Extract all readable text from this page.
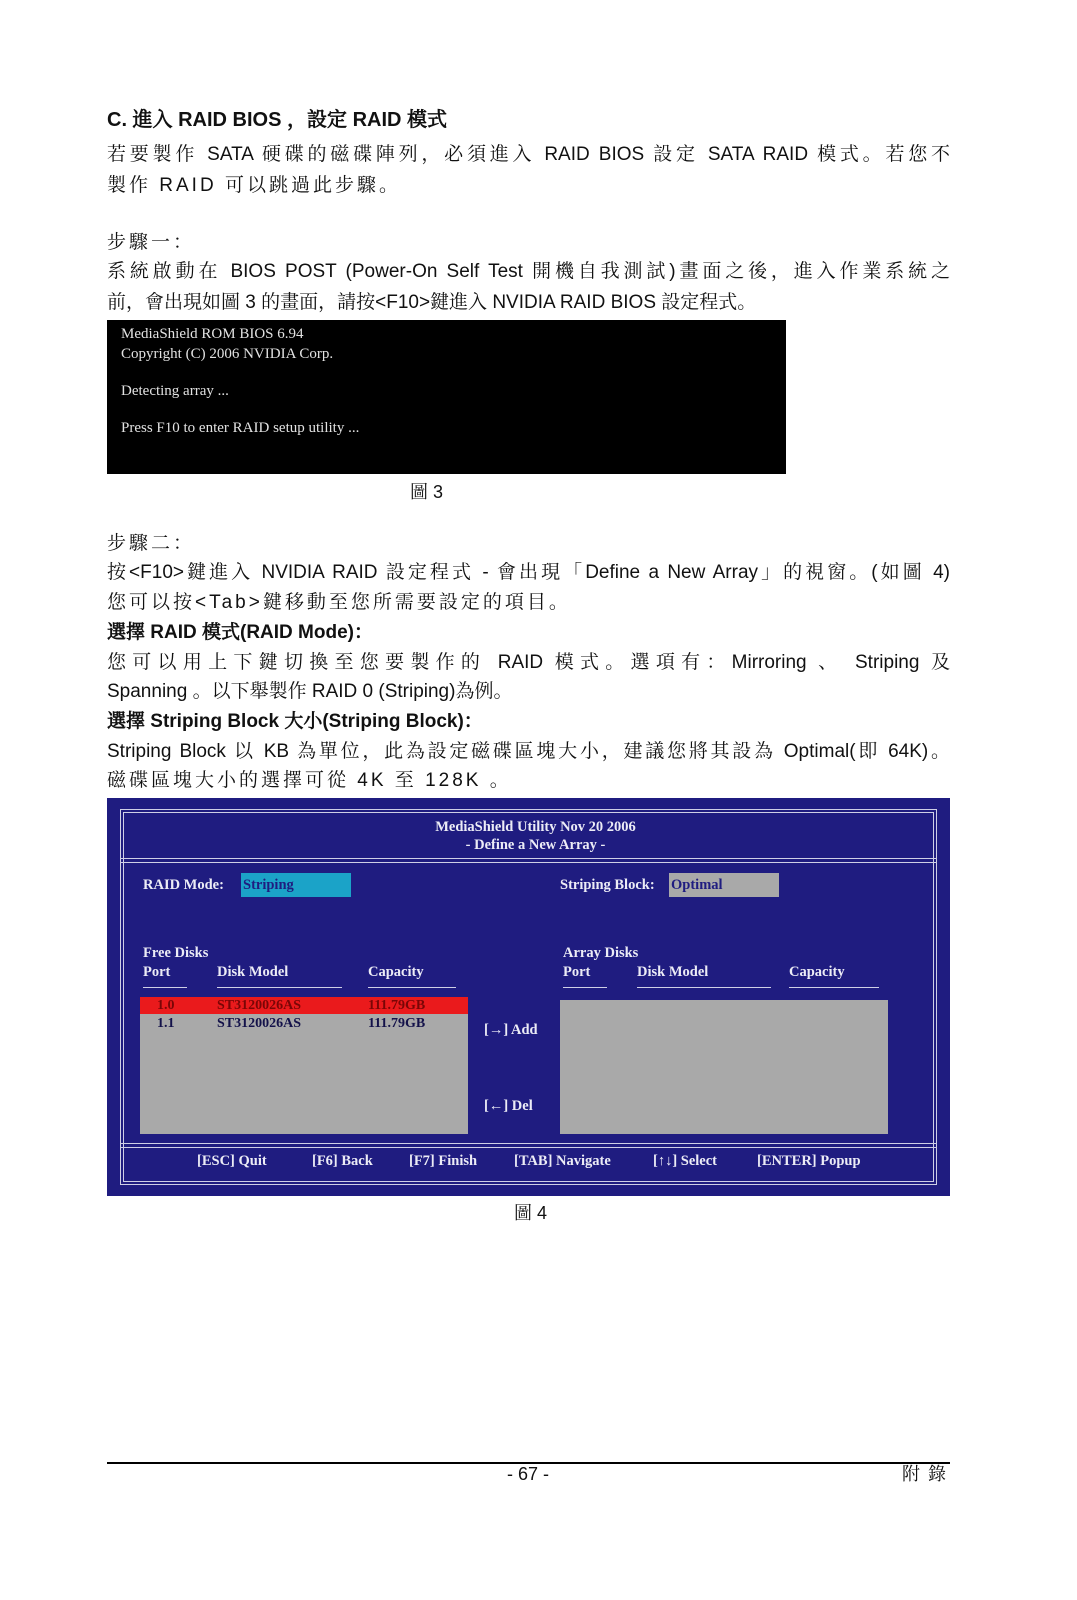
C. 進入 RAID BIOS ，設定 RAID 模式
若要製作 SATA 硬碟的磁碟陣列，必須進入 RAID BIOS 設定 SATA RAID 模式。若您不
製作 RAID 可以跳過此步驟。
步驟一：
系統啟動在 BIOS POST (Power-On Self Test 開機自我測試)畫面之後，進入作業系統之
前，會出現如圖 3 的畫面，請按<F10>鍵進入 NVIDIA RAID BIOS 設定程式。
MediaShield ROM BIOS 6.94
Copyright (C) 2006 NVIDIA Corp.
Detecting array ...
Press F10 to enter RAID setup utility ...
圖 3
步驟二：
按<F10>鍵進入 NVIDIA RAID 設定程式 - 會出現「Define a New Array」的視窗。(如圖 4)
您可以按<Tab>鍵移動至您所需要設定的項目。
選擇 RAID 模式(RAID Mode)：
您可以用上下鍵切換至您要製作的 RAID 模式。選項有：Mirroring 、 Striping 及
Spanning 。以下舉製作 RAID 0 (Striping)為例。
選擇 Striping Block 大小(Striping Block)：
Striping Block 以 KB 為單位，此為設定磁碟區塊大小，建議您將其設為 Optimal(即 64K)。
磁碟區塊大小的選擇可從 4K 至 128K 。
MediaShield Utility Nov 20 2006
- Define a New Array -
RAID Mode: Striping	Striping Block: Optimal
Free Disks
Port	Disk Model	Capacity
Array Disks
Port	Disk Model	Capacity
1.0	ST3120026AS	111.79GB
1.1	ST3120026AS	111.79GB	[→] Add
[←] Del
[ESC] Quit	[F6] Back [F7] Finish	[TAB] Navigate	[↑↓] Select	[ENTER] Popup
圖 4
- 67 -	附錄
